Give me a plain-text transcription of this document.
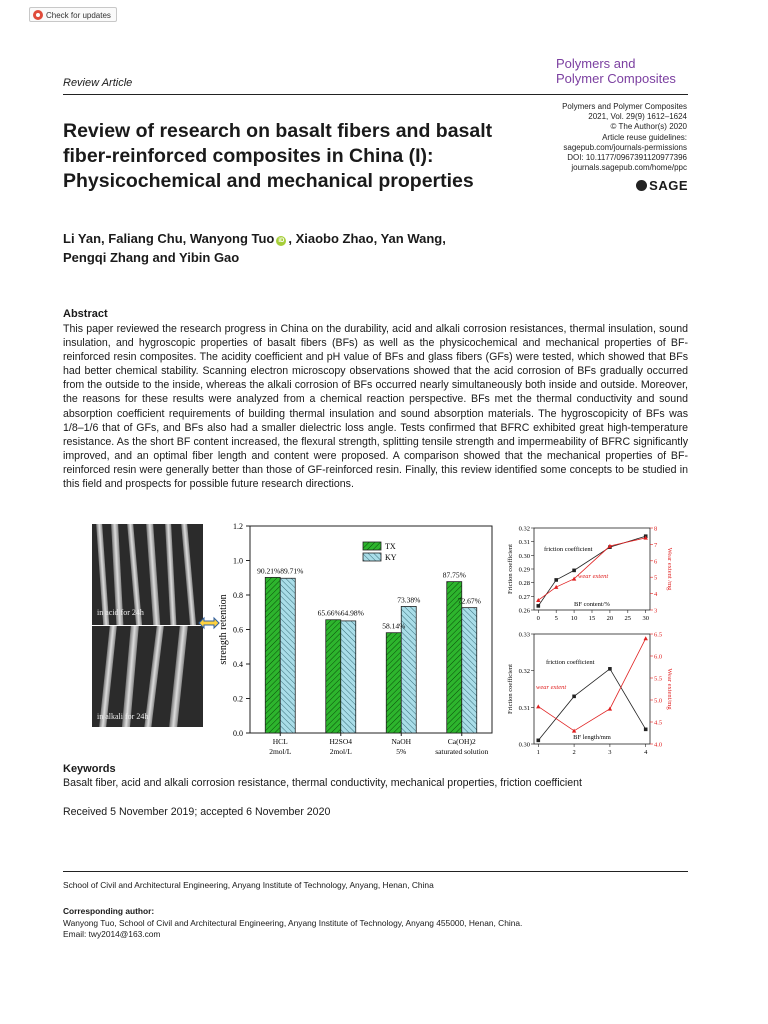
Check for updates
Polymers and
Polymer Composites
Review Article
Polymers and Polymer Composites
2021, Vol. 29(9) 1612–1624
© The Author(s) 2020
Article reuse guidelines:
sagepub.com/journals-permissions
DOI: 10.1177/0967391120977396
journals.sagepub.com/home/ppc
SAGE
Review of research on basalt fibers and basalt fiber-reinforced composites in China (I): Physicochemical and mechanical properties
Li Yan, Faliang Chu, Wanyong Tuo iD , Xiaobo Zhao, Yan Wang,
Pengqi Zhang and Yibin Gao
Abstract
This paper reviewed the research progress in China on the durability, acid and alkali corrosion resistances, thermal insulation, sound insulation, and hygroscopic properties of basalt fibers (BFs) as well as the physicochemical and mechanical properties of BF-reinforced resin composites. The acidity coefficient and pH value of BFs and glass fibers (GFs) were tested, which showed that BFs had better chemical stability. Scanning electron microscopy observations showed that the acid corrosion of BFs gradually occurred from the outside to the inside, whereas the alkali corrosion of BFs occurred nearly simultaneously both inside and outside. Moreover, the reasons for these results were analyzed from a chemical reaction perspective. BFs met the thermal conductivity and sound absorption coefficient requirements of building thermal insulation and sound absorption materials. The hygroscopicity of BFs was 1/8–1/6 that of GFs, and BFs also had a smaller dielectric loss angle. Tests confirmed that BFRC exhibited great high-temperature resistance. As the short BF content increased, the flexural strength, splitting tensile strength and impermeability of BFRC significantly improved, and an optimal fiber length and content were proposed. A comparison showed that the mechanical properties of BF-reinforced resin were generally better than those of GF-reinforced resin. Finally, this review identified some concepts to be studied in this field and prospects for possible future research directions.
in acid for 24h
in alkali for 24h
0.0
0.2
0.4
0.6
0.8
1.0
1.2
strength retention
90.21%89.71%
HCL
2mol/L
65.66%64.98%
H2SO4
2mol/L
58.14%
73.38%
NaOH
5%
87.75%
72.67%
Ca(OH)2
saturated solution
TX
KY
0.26
0.27
0.28
0.29
0.30
0.31
0.32
3
4
5
6
7
8
0 5 10 15 20 25 30
BF content/%
Friction coefficient	Wear extent /mg
friction coefficient
wear extent
0.30
0.31
0.32
0.33
4.0
4.5
5.0
5.5
6.0
6.5
1	2	3	4
BF length/mm
Friction coefficient	Wear extent/mg
friction coefficient
wear extent
Keywords
Basalt fiber, acid and alkali corrosion resistance, thermal conductivity, mechanical properties, friction coefficient
Received 5 November 2019; accepted 6 November 2020
School of Civil and Architectural Engineering, Anyang Institute of Technology, Anyang, Henan, China
Corresponding author:
Wanyong Tuo, School of Civil and Architectural Engineering, Anyang Institute of Technology, Anyang 455000, Henan, China.
Email: twy2014@163.com
